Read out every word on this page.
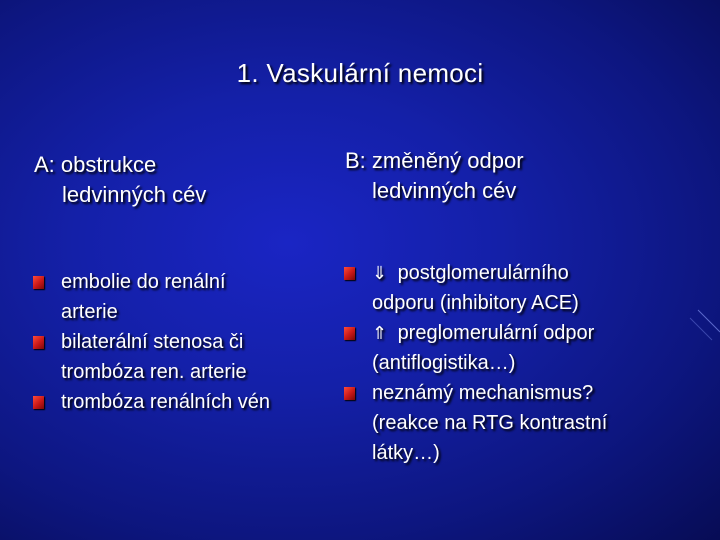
1. Vaskulární nemoci
A: obstrukce
ledvinných cév
B: změněný odpor
ledvinných cév
embolie do renální
arterie
bilaterální stenosa či
trombóza ren. arterie
trombóza renálních vén
⇓ postglomerulárního
odporu (inhibitory ACE)
⇑ preglomerulární odpor
(antiflogistika…)
neznámý mechanismus?
(reakce na RTG kontrastní
látky…)
